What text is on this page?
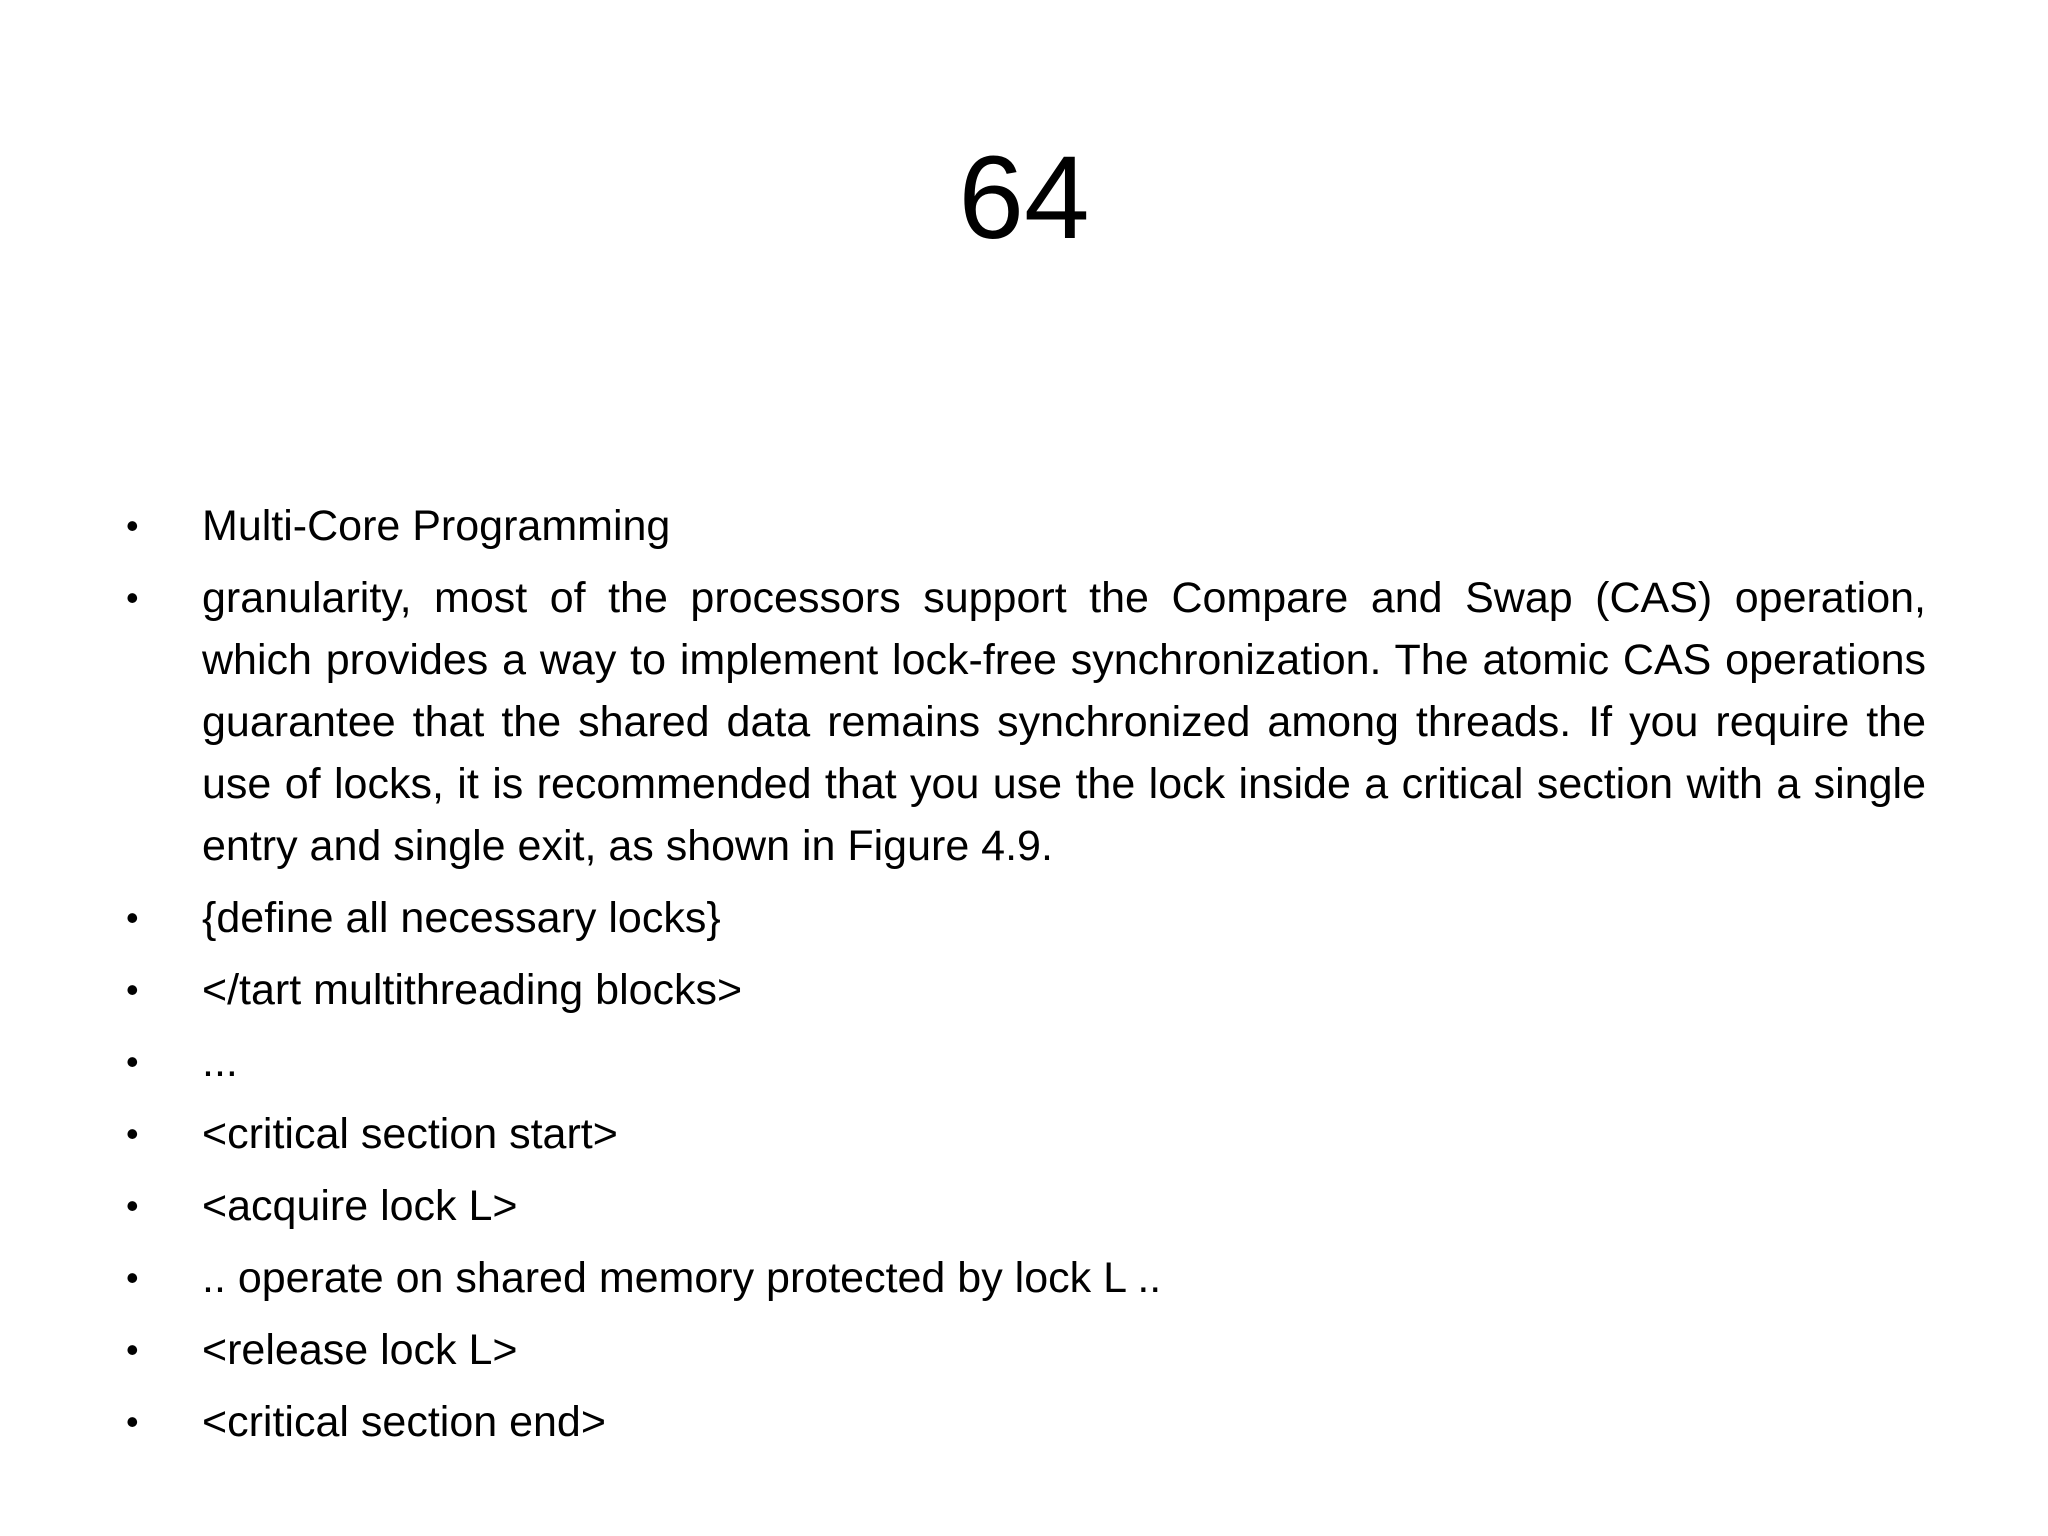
64
•	Multi-Core Programming
•	granularity, most of the processors support the Compare and Swap (CAS) operation, which provides a way to implement lock-free synchronization. The atomic CAS operations guarantee that the shared data remains synchronized among threads. If you require the use of locks, it is recommended that you use the lock inside a critical section with a single entry and single exit, as shown in Figure 4.9.
•	{define all necessary locks}
•	</tart multithreading blocks>
•	...
•	<critical section start>
•	<acquire lock L>
•	.. operate on shared memory protected by lock L ..
•	<release lock L>
•	<critical section end>
